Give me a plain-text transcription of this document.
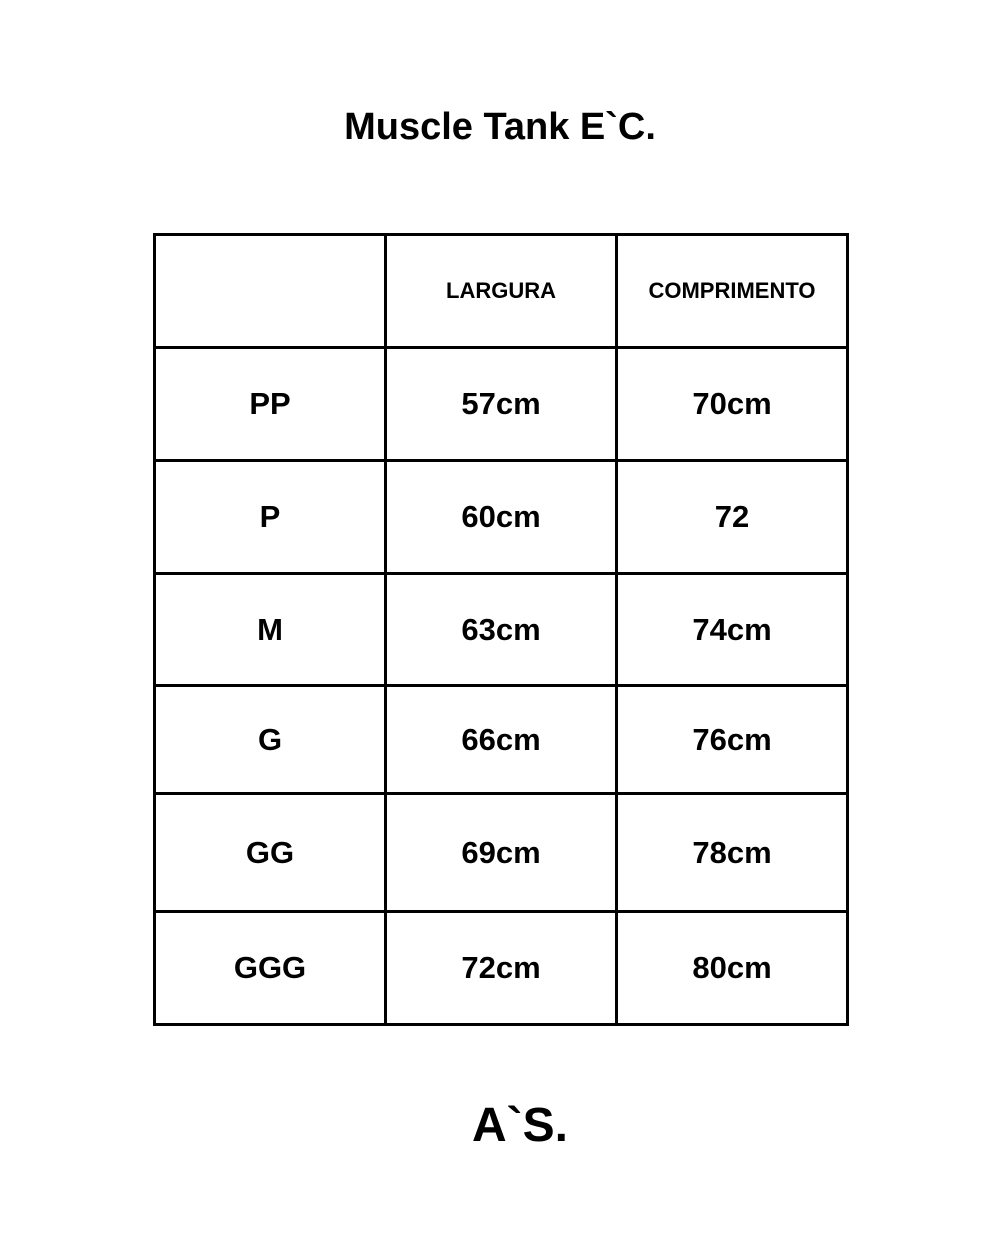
Muscle Tank E`C.
	LARGURA	COMPRIMENTO
PP	57cm	70cm
P	60cm	72
M	63cm	74cm
G	66cm	76cm
GG	69cm	78cm
GGG	72cm	80cm
A`S.
